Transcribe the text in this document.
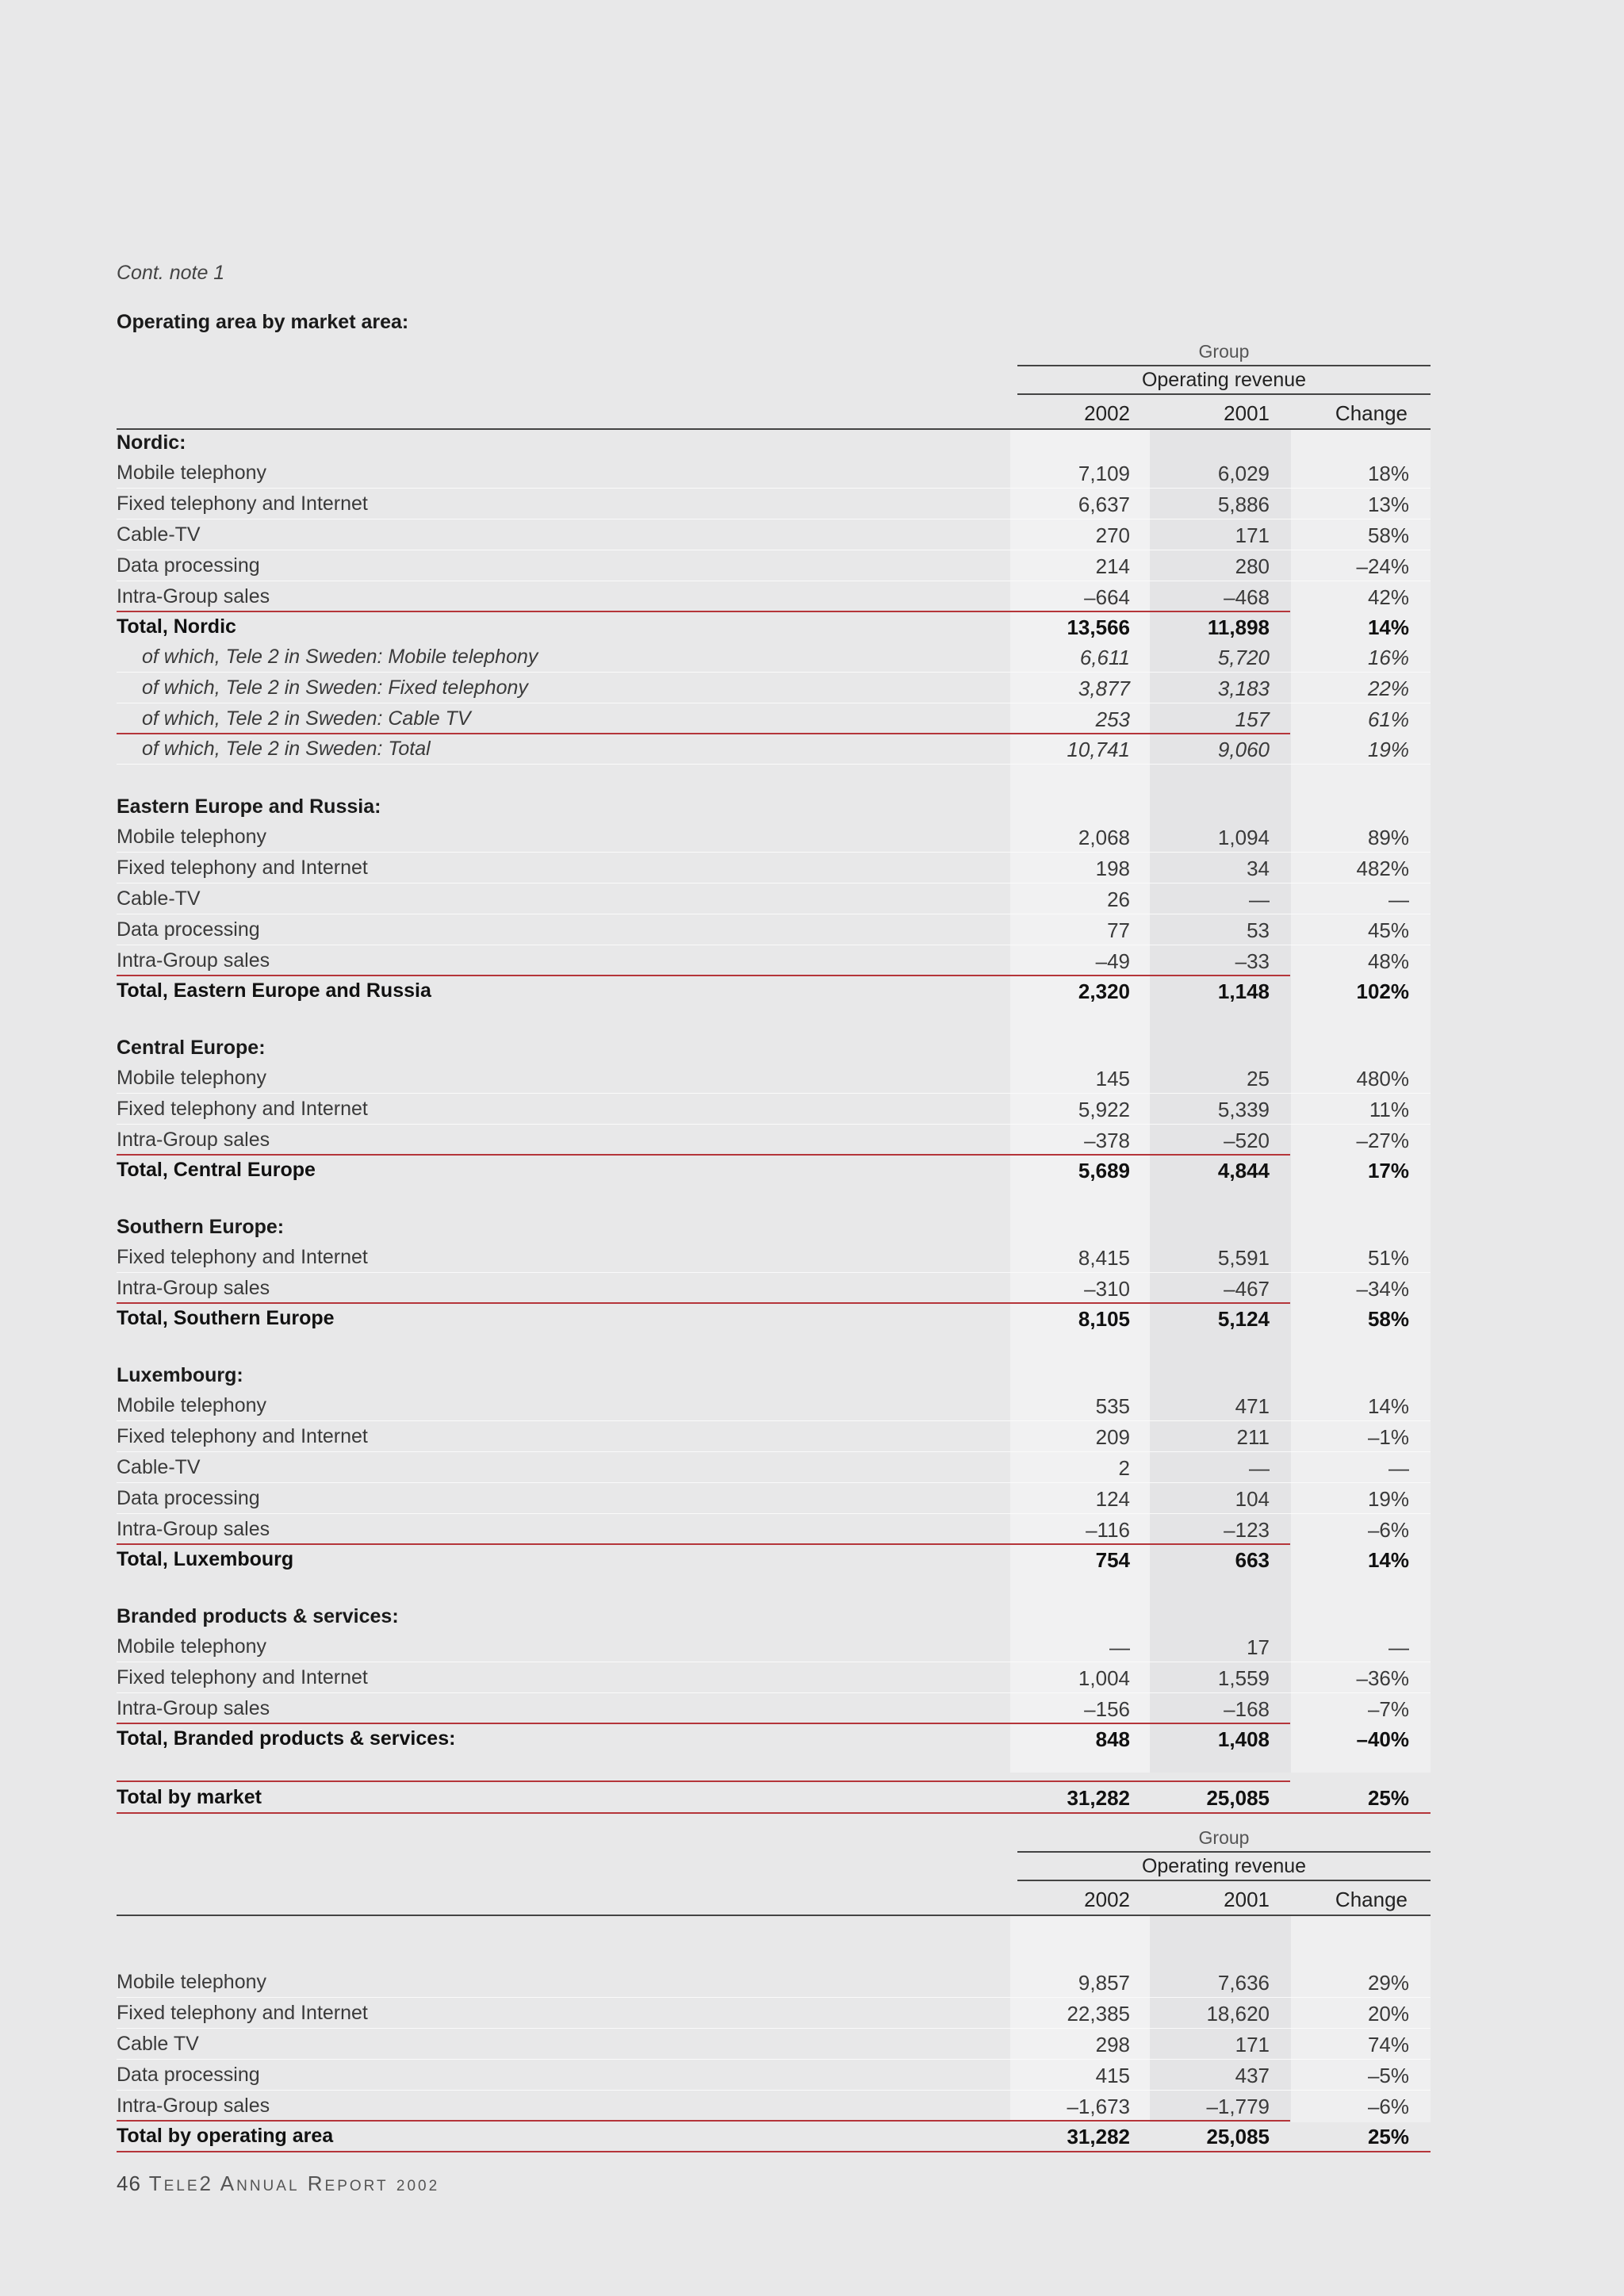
Cont. note 1
Operating area by market area:
Group
Operating revenue
2002	2001	Change
Nordic:
Mobile telephony	7,109	6,029	18%
Fixed telephony and Internet	6,637	5,886	13%
Cable-TV	270	171	58%
Data processing	214	280	–24%
Intra-Group sales	–664	–468	42%
Total, Nordic	13,566	11,898	14%
of which, Tele 2 in Sweden: Mobile telephony	6,611	5,720	16%
of which, Tele 2 in Sweden: Fixed telephony	3,877	3,183	22%
of which, Tele 2 in Sweden: Cable TV	253	157	61%
of which, Tele 2 in Sweden: Total	10,741	9,060	19%
Eastern Europe and Russia:
Mobile telephony	2,068	1,094	89%
Fixed telephony and Internet	198	34	482%
Cable-TV	26	—	—
Data processing	77	53	45%
Intra-Group sales	–49	–33	48%
Total, Eastern Europe and Russia	2,320	1,148	102%
Central Europe:
Mobile telephony	145	25	480%
Fixed telephony and Internet	5,922	5,339	11%
Intra-Group sales	–378	–520	–27%
Total, Central Europe	5,689	4,844	17%
Southern Europe:
Fixed telephony and Internet	8,415	5,591	51%
Intra-Group sales	–310	–467	–34%
Total, Southern Europe	8,105	5,124	58%
Luxembourg:
Mobile telephony	535	471	14%
Fixed telephony and Internet	209	211	–1%
Cable-TV	2	—	—
Data processing	124	104	19%
Intra-Group sales	–116	–123	–6%
Total, Luxembourg	754	663	14%
Branded products & services:
Mobile telephony	—	17	—
Fixed telephony and Internet	1,004	1,559	–36%
Intra-Group sales	–156	–168	–7%
Total, Branded products & services:	848	1,408	–40%
Total by market	31,282	25,085	25%
Group
Operating revenue
2002	2001	Change
Mobile telephony	9,857	7,636	29%
Fixed telephony and Internet	22,385	18,620	20%
Cable TV	298	171	74%
Data processing	415	437	–5%
Intra-Group sales	–1,673	–1,779	–6%
Total by operating area	31,282	25,085	25%
46 TELE2 ANNUAL REPORT 2002
